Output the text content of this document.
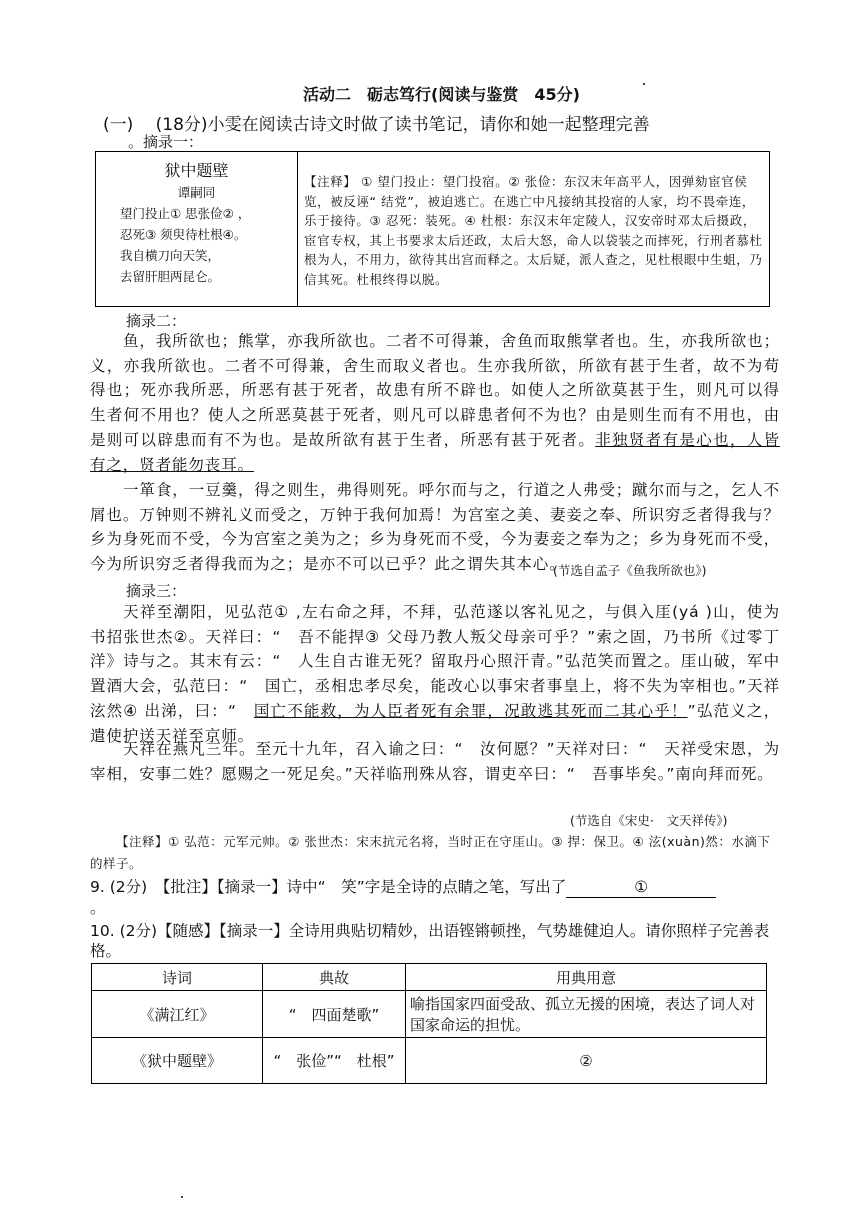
活动二　砺志笃行(阅读与鉴赏　45分)
(一)　 (18分)小雯在阅读古诗文时做了读书笔记，请你和她一起整理完善
。摘录一：
狱中题壁
谭嗣同
望门投止① 思张俭② ，
忍死③ 须臾待杜根④。
我自横刀向天笑，
去留肝胆两昆仑。
【注释】 ① 望门投止：望门投宿。② 张俭：东汉末年高平人，因弹劾宦官侯览，被反诬“ 结党”，被迫逃亡。在逃亡中凡接纳其投宿的人家，均不畏牵连，乐于接待。③ 忍死：装死。④ 杜根：东汉末年定陵人，汉安帝时邓太后摄政，宦官专权，其上书要求太后还政，太后大怒，命人以袋装之而摔死，行刑者慕杜根为人，不用力，欲待其出宫而释之。太后疑，派人查之，见杜根眼中生蛆，乃信其死。杜根终得以脱。
摘录二：
鱼，我所欲也；熊掌，亦我所欲也。二者不可得兼，舍鱼而取熊掌者也。生，亦我所欲也；义，亦我所欲也。二者不可得兼，舍生而取义者也。生亦我所欲，所欲有甚于生者，故不为苟 得也；死亦我所恶，所恶有甚于死者，故患有所不辟也。如使人之所欲莫甚于生，则凡可以得 生者何不用也？使人之所恶莫甚于死者，则凡可以辟患者何不为也？由是则生而有不用也，由 是则可以辟患而有不为也。是故所欲有甚于生者，所恶有甚于死者。非独贤者有是心也，人皆 有之，贤者能勿丧耳。
一箪食，一豆羹，得之则生，弗得则死。呼尔而与之，行道之人弗受；蹴尔而与之，乞人不屑也。万钟则不辨礼义而受之，万钟于我何加焉！为宫室之美、妻妾之奉、所识穷乏者得我与？乡为身死而不受，今为宫室之美为之；乡为身死而不受，今为妻妾之奉为之；乡为身死而不受，今为所识穷乏者得我而为之；是亦不可以已乎？此之谓失其本心。
(节选自孟子《鱼我所欲也》)
摘录三：
天祥至潮阳，见弘范① ,左右命之拜，不拜，弘范遂以客礼见之，与俱入厓(yá )山，使为书招张世杰②。天祥曰：“　吾不能捍③ 父母乃教人叛父母亲可乎？”索之固，乃书所《过零丁洋》诗与之。其末有云：“　人生自古谁无死？留取丹心照汗青。”弘范笑而置之。厓山破，军中置酒大会，弘范曰：“　国亡，丞相忠孝尽矣，能改心以事宋者事皇上，将不失为宰相也。”天祥泫然④ 出涕，曰：“　国亡不能救，为人臣者死有余罪，况敢逃其死而二其心乎！”弘范义之，遣使护送天祥至京师。
天祥在燕凡三年。至元十九年，召入谕之曰：“　汝何愿？”天祥对曰：“　天祥受宋恩，为宰相，安事二姓？愿赐之一死足矣。”天祥临刑殊从容，谓吏卒曰：“　吾事毕矣。”南向拜而死。
(节选自《宋史·　文天祥传》)
【注释】① 弘范：元军元帅。② 张世杰：宋末抗元名将，当时正在守厓山。③ 捍：保卫。④ 泫(xuàn)然：水滴下的样子。
9. (2分)　【批注】【摘录一】诗中“　笑”字是全诗的点睛之笔，写出了	①
。
10. (2分)【随感】【摘录一】全诗用典贴切精妙，出语铿锵顿挫，气势雄健迫人。请你照样子完善表格。
诗词	典故	用典用意
《满江红》	“　四面楚歌”	喻指国家四面受敌、孤立无援的困境，表达了词人对国家命运的担忧。
《狱中题壁》	“　张俭”“　杜根”	②
